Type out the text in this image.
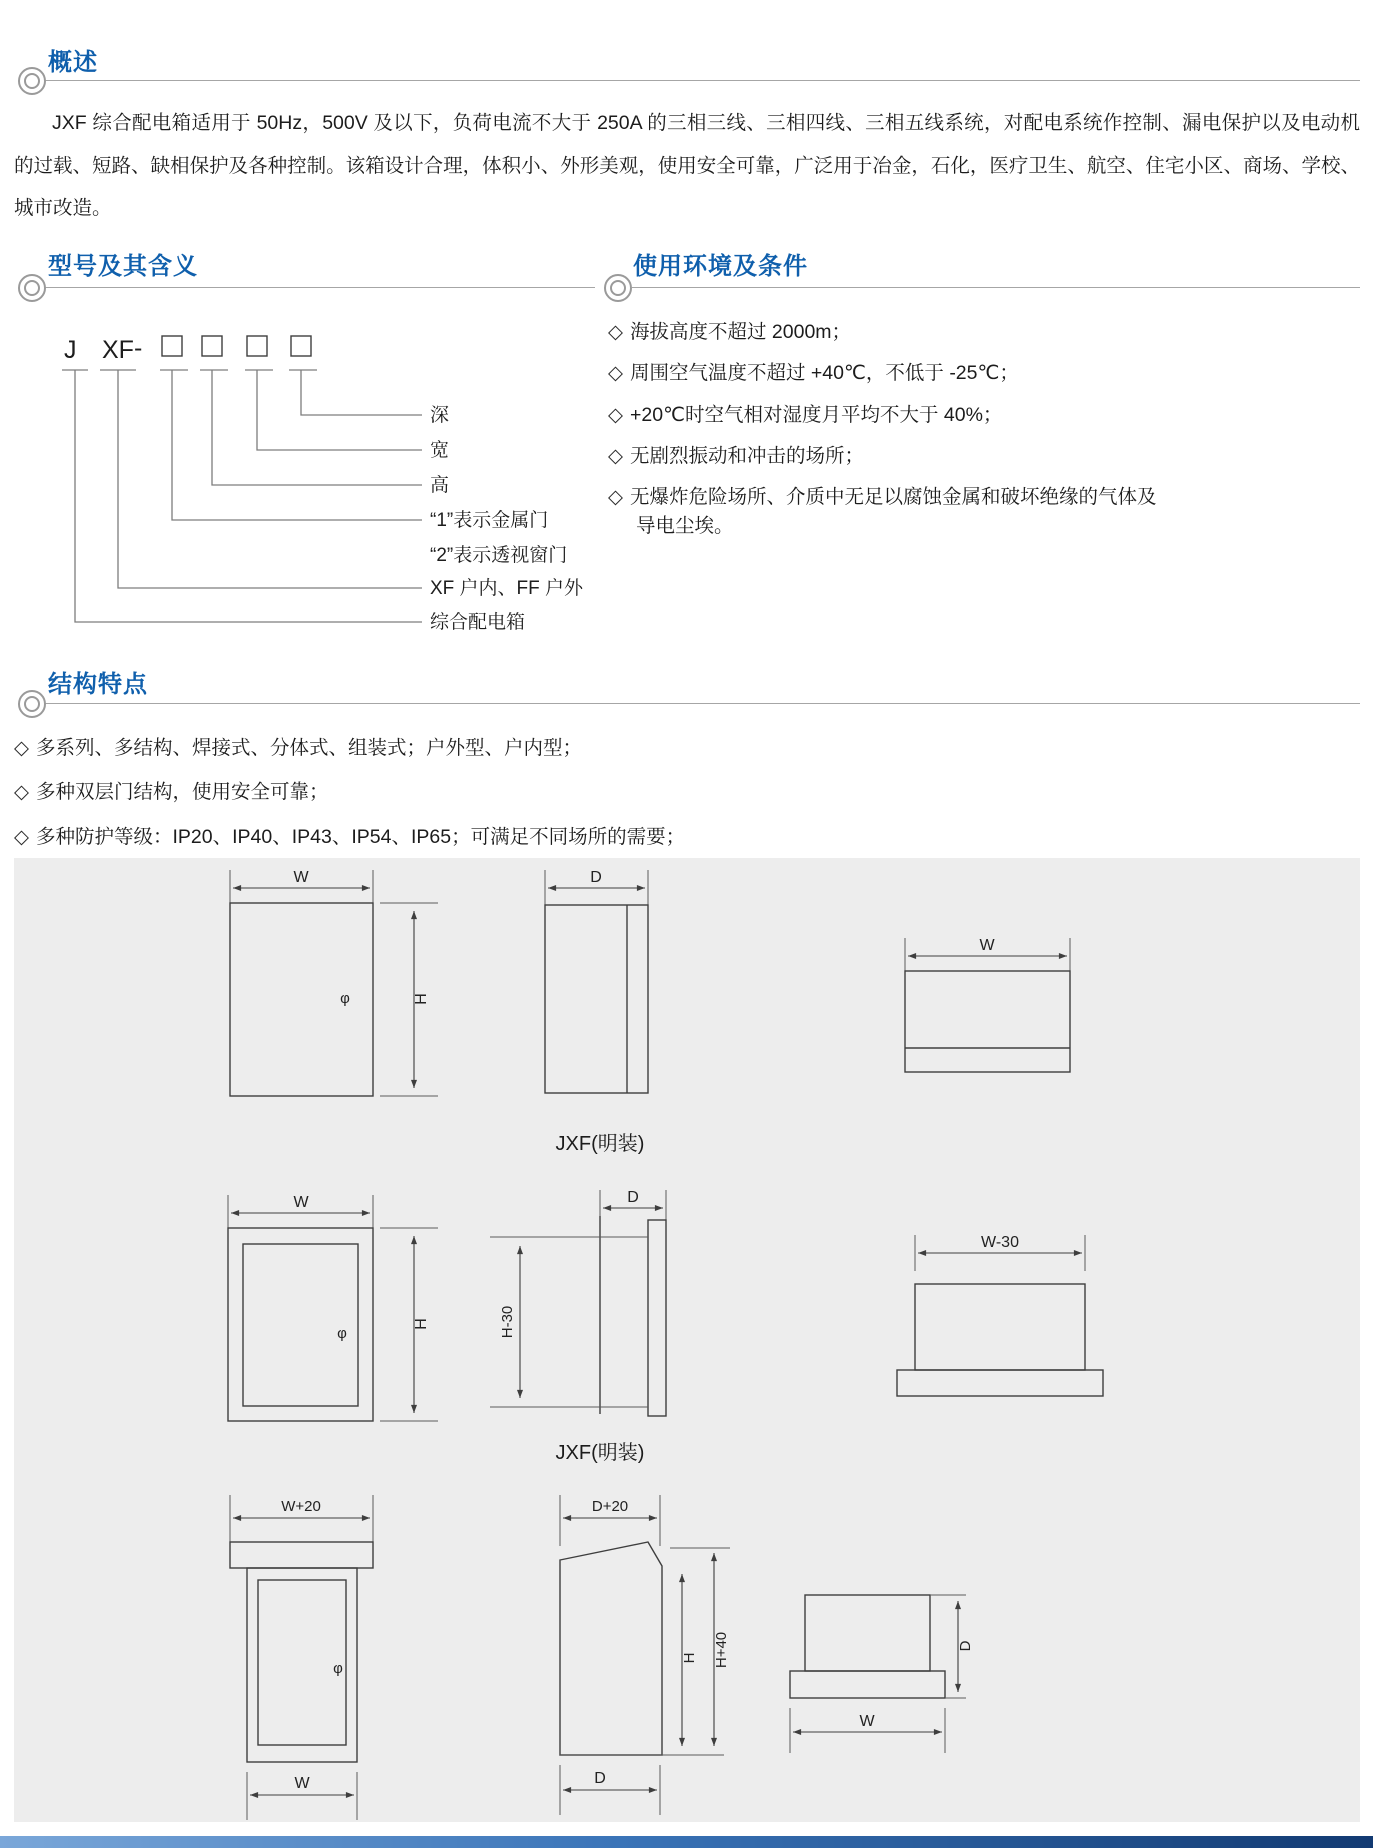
概述
JXF 综合配电箱适用于 50Hz，500V 及以下，负荷电流不大于 250A 的三相三线、三相四线、三相五线系统，对配电系统作控制、漏电保护以及电动机的过载、短路、缺相保护及各种控制。该箱设计合理，体积小、外形美观，使用安全可靠，广泛用于冶金，石化，医疗卫生、航空、住宅小区、商场、学校、城市改造。
型号及其含义	使用环境及条件
J XF -
深
宽
高
“1”表示金属门
“2”表示透视窗门
XF 户内、FF 户外
综合配电箱
◇ 海拔高度不超过 2000m；
◇ 周围空气温度不超过 +40℃，不低于 -25℃；
◇ +20℃时空气相对湿度月平均不大于 40%；
◇ 无剧烈振动和冲击的场所；
◇ 无爆炸危险场所、介质中无足以腐蚀金属和破坏绝缘的气体及导电尘埃。
结构特点
◇ 多系列、多结构、焊接式、分体式、组装式；户外型、户内型；
◇ 多种双层门结构，使用安全可靠；
◇ 多种防护等级：IP20、IP40、IP43、IP54、IP65；可满足不同场所的需要；
W
φ	H
D
W
JXF(明装)
W
φ
H
D
H-30
W-30
JXF(明装)
W+20
φ
W
D+20
H H+40
D
D
W
